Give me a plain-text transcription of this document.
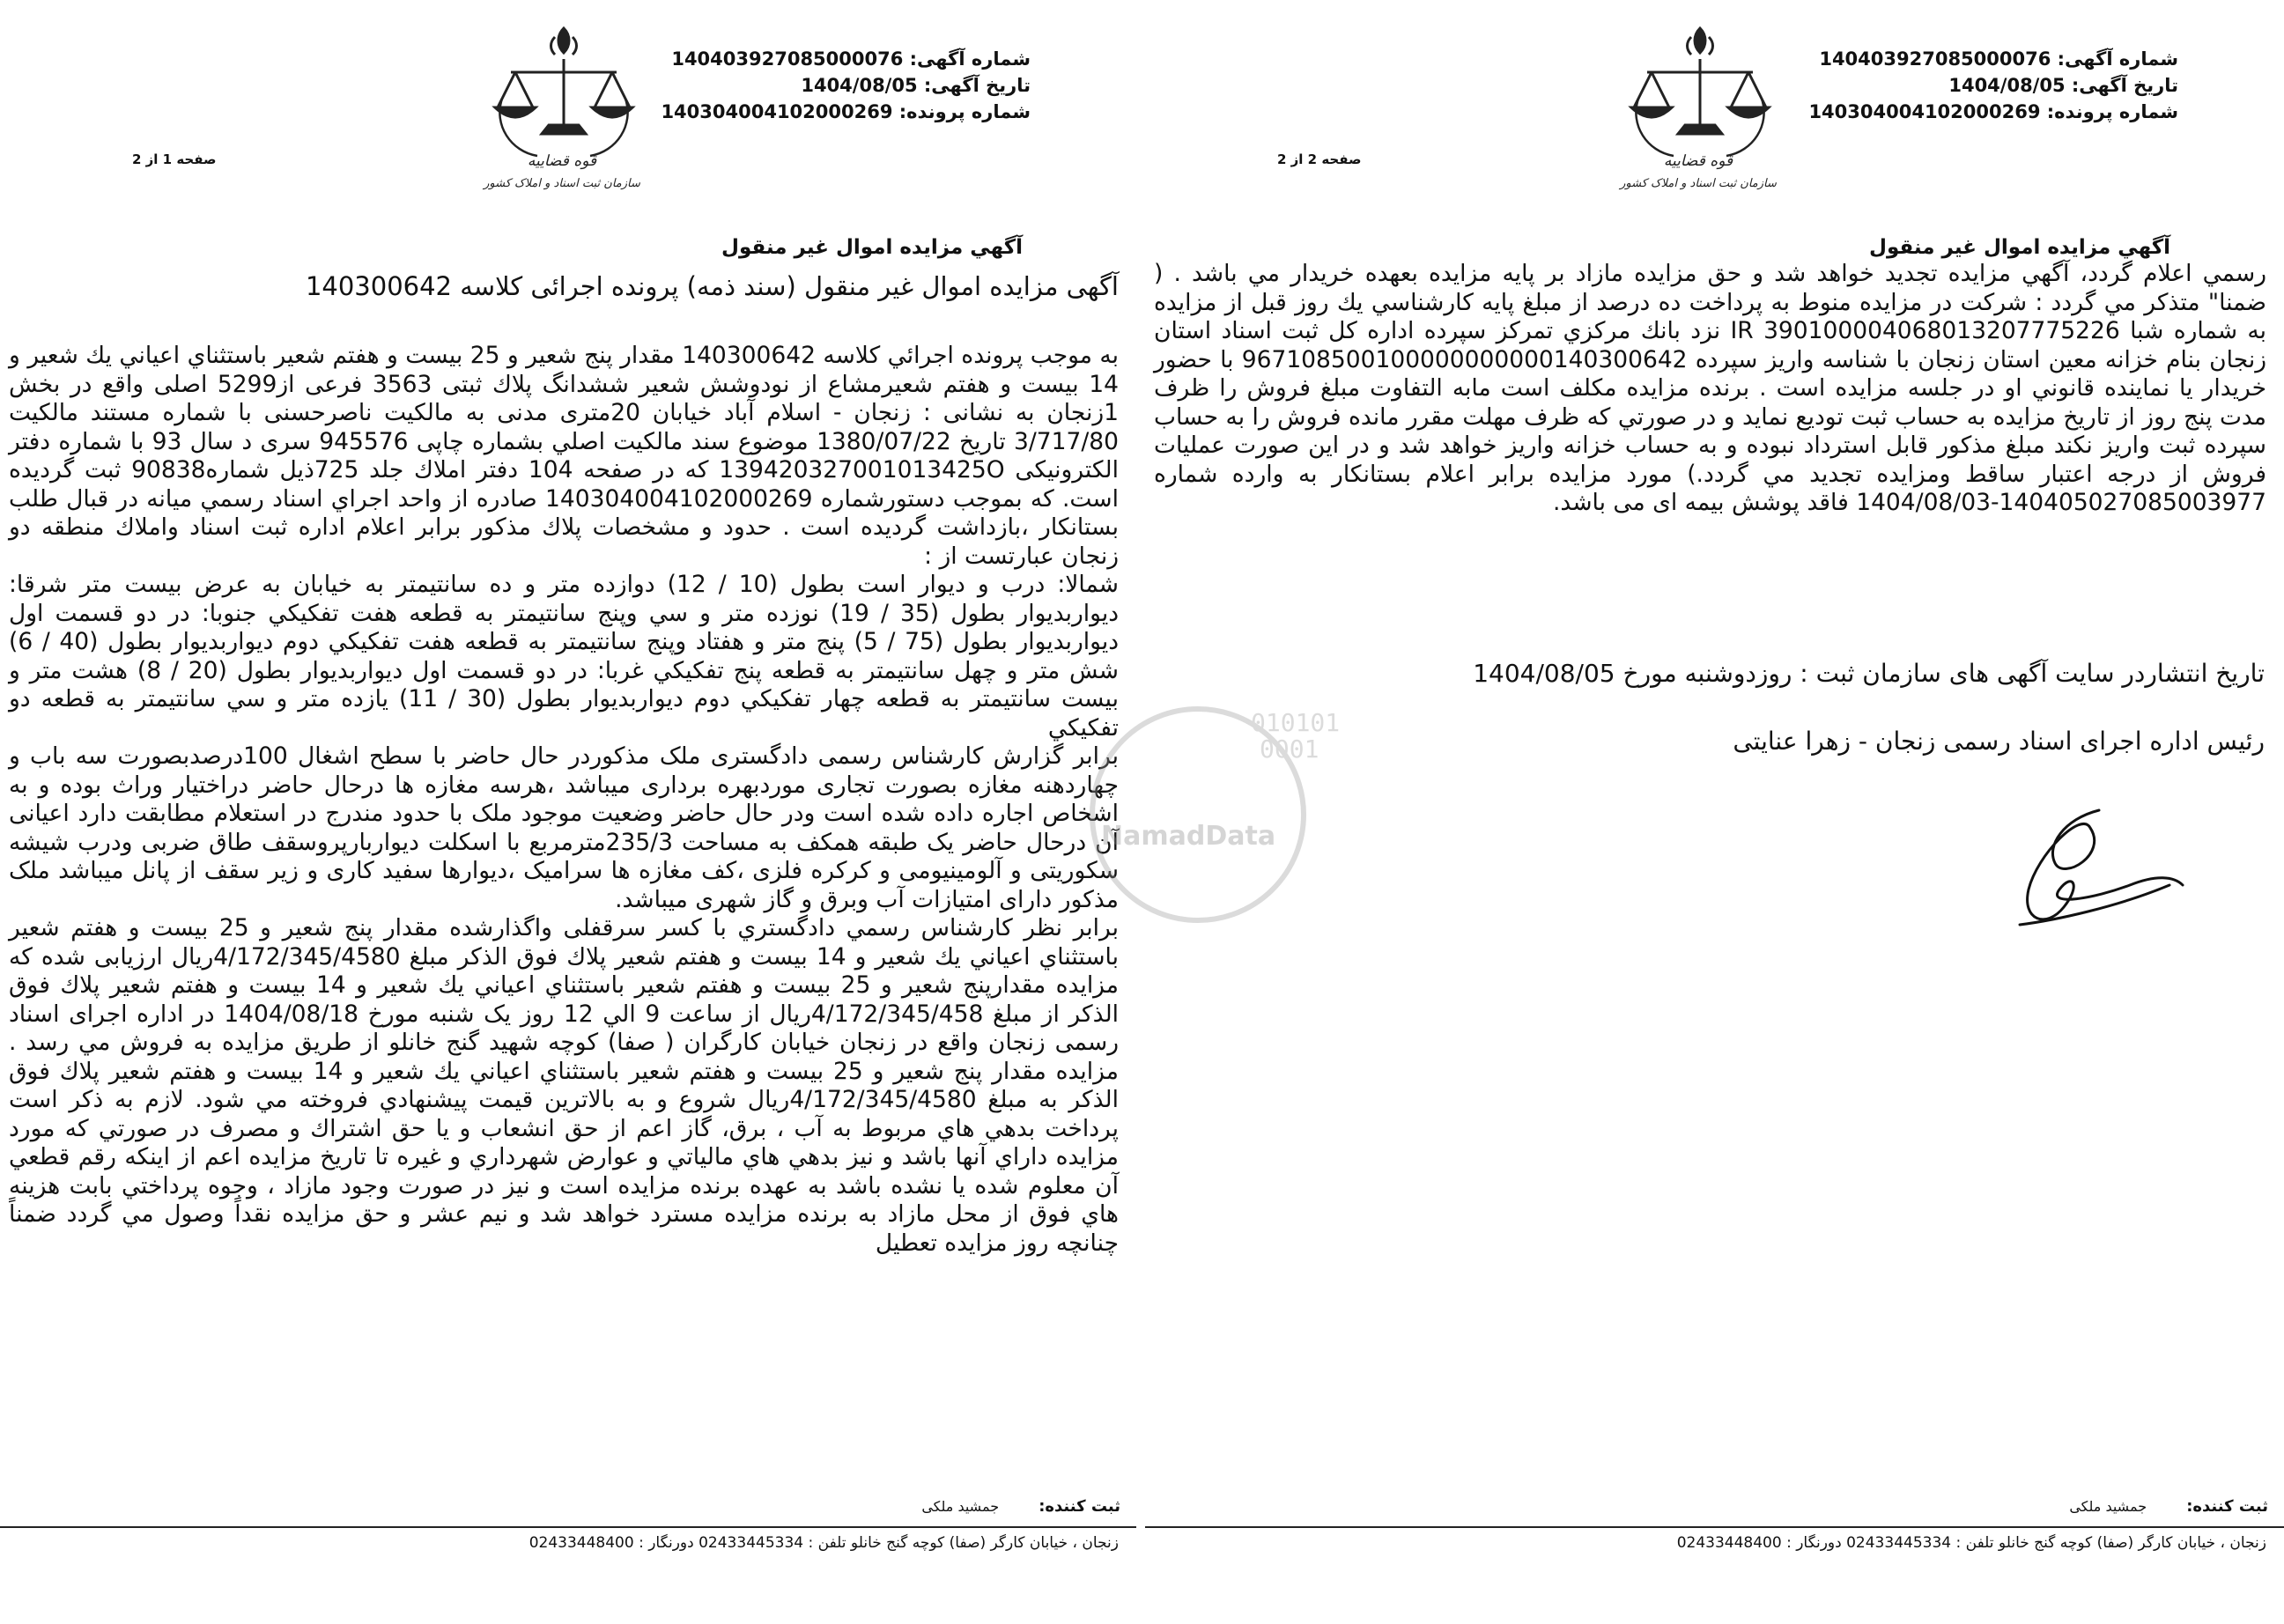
شماره آگهی: 140403927085000076
تاریخ آگهی: 1404/08/05
شماره پرونده: 140304004102000269
قوه قضاییه
سازمان ثبت اسناد و املاک کشور
صفحه 1 از 2
آگهي مزايده اموال غير منقول
آگهی مزایده اموال غیر منقول (سند ذمه) پرونده اجرائی کلاسه 140300642

به موجب پرونده اجرائي كلاسه 140300642 مقدار پنج شعير و 25 بيست و هفتم شعير باستثناي اعياني يك شعير و 14 بيست و هفتم شعيرمشاع از نودوشش شعير ششدانگ پلاك ثبتی 3563 فرعی از5299 اصلی واقع در بخش 1زنجان به نشانی : زنجان - اسلام آباد خیابان 20متری مدنی به مالكيت ناصرحسنی با شماره مستند مالكيت 3/717/80 تاريخ 1380/07/22 موضوع سند مالكيت اصلي بشماره چاپی 945576 سری د سال 93 با شماره دفتر الکترونیکی 139420327001013425O که در صفحه 104 دفتر املاك جلد 725ذيل شماره90838 ثبت گرديده است. كه بموجب دستورشماره 140304004102000269 صادره از واحد اجراي اسناد رسمي ميانه در قبال طلب بستانكار ،بازداشت گرديده است . حدود و مشخصات پلاك مذكور برابر اعلام اداره ثبت اسناد واملاك منطقه دو زنجان عبارتست از :

شمالا: درب و ديوار است بطول (10 / 12) دوازده متر و ده سانتيمتر به خيابان به عرض بيست متر شرقا: ديواربديوار بطول (35 / 19) نوزده متر و سي وپنج سانتيمتر به قطعه هفت تفكيكي جنوبا: در دو قسمت اول ديواربديوار بطول (75 / 5) پنج متر و هفتاد وپنج سانتيمتر به قطعه هفت تفكيكي دوم ديواربديوار بطول (40 / 6) شش متر و چهل سانتيمتر به قطعه پنج تفكيكي غربا: در دو قسمت اول ديواربديوار بطول (20 / 8) هشت متر و بيست سانتيمتر به قطعه چهار تفكيكي دوم ديواربديوار بطول (30 / 11) يازده متر و سي سانتيمتر به قطعه دو تفكيكي

برابر گزارش كارشناس رسمی دادگستری ملک مذکوردر حال حاضر با سطح اشغال 100درصدبصورت سه باب و چهاردهنه مغازه بصورت تجاری موردبهره برداری میباشد ،هرسه مغازه ها درحال حاضر دراختیار وراث بوده و به اشخاص اجاره داده شده است ودر حال حاضر وضعیت موجود ملک با حدود مندرج در استعلام مطابقت دارد اعیانی آن درحال حاضر یک طبقه همکف به مساحت 235/3مترمربع با اسکلت دیواربارپروسقف طاق ضربی ودرب شیشه سکوریتی و آلومینیومی و کرکره فلزی ،کف مغازه ها سرامیک ،دیوارها سفید کاری و زیر سقف از پانل میباشد ملک مذکور دارای امتیازات آب وبرق و گاز شهری میباشد.

برابر نظر كارشناس رسمي دادگستري با كسر سرقفلی واگذارشده مقدار پنج شعير و 25 بيست و هفتم شعير باستثناي اعياني يك شعير و 14 بيست و هفتم شعير پلاك فوق الذكر مبلغ 4/172/345/4580ریال ارزيابی شده كه مزايده مقدارپنج شعير و 25 بيست و هفتم شعير باستثناي اعياني يك شعير و 14 بيست و هفتم شعير پلاك فوق الذكر از مبلغ 4/172/345/458ریال از ساعت 9 الي 12 روز یک شنبه مورخ 1404/08/18 در اداره اجرای اسناد رسمی زنجان واقع در زنجان خیابان کارگران ( صفا) کوچه شهید گنج خانلو از طريق مزايده به فروش مي رسد . مزايده مقدار پنج شعير و 25 بيست و هفتم شعير باستثناي اعياني يك شعير و 14 بيست و هفتم شعير پلاك فوق الذكر به مبلغ 4/172/345/4580ریال شروع و به بالاترين قيمت پيشنهادي فروخته مي شود. لازم به ذكر است پرداخت بدهي هاي مربوط به آب ، برق، گاز اعم از حق انشعاب و يا حق اشتراك و مصرف در صورتي كه مورد مزايده داراي آنها باشد و نيز بدهي هاي مالياتي و عوارض شهرداري و غيره تا تاريخ مزايده اعم از اينكه رقم قطعي آن معلوم شده يا نشده باشد به عهده برنده مزايده است و نيز در صورت وجود مازاد ، وجوه پرداختي بابت هزينه هاي فوق از محل مازاد به برنده مزايده مسترد خواهد شد و نيم عشر و حق مزايده نقداً وصول مي گردد ضمناً چنانچه روز مزايده تعطيل

ثبت كننده: جمشید ملکی
زنجان ، خیابان کارگر (صفا) کوچه گنج خانلو تلفن : 02433445334 دورنگار : 02433448400
شماره آگهی: 140403927085000076
تاریخ آگهی: 1404/08/05
شماره پرونده: 140304004102000269
قوه قضاییه
سازمان ثبت اسناد و املاک کشور
صفحه 2 از 2
آگهي مزايده اموال غير منقول

رسمي اعلام گردد، آگهي مزايده تجديد خواهد شد و حق مزايده مازاد بر پايه مزايده بعهده خريدار مي باشد . ( ضمنا" متذكر مي گردد : شركت در مزايده منوط به پرداخت ده درصد از مبلغ پايه كارشناسي يك روز قبل از مزايده به شماره شبا IR 390100004068013207775226 نزد بانك مركزي تمركز سپرده اداره كل ثبت اسناد استان زنجان بنام خزانه معين استان زنجان با شناسه واريز سپرده 967108500100000000000140300642 با حضور خريدار يا نماينده قانوني او در جلسه مزايده است . برنده مزايده مكلف است مابه التفاوت مبلغ فروش را ظرف مدت پنج روز از تاريخ مزايده به حساب ثبت توديع نمايد و در صورتي كه ظرف مهلت مقرر مانده فروش را به حساب سپرده ثبت واريز نكند مبلغ مذكور قابل استرداد نبوده و به حساب خزانه واريز خواهد شد و در اين صورت عمليات فروش از درجه اعتبار ساقط ومزايده تجديد مي گردد.) مورد مزايده برابر اعلام بستانكار به وارده شماره 140405027085003977-1404/08/03 فاقد پوشش بیمه ای می باشد.

تاریخ انتشاردر سایت آگهی های سازمان ثبت : روزدوشنبه مورخ 1404/08/05
رئیس اداره اجرای اسناد رسمی زنجان - زهرا عنایتی
ثبت كننده: جمشید ملکی
زنجان ، خیابان کارگر (صفا) کوچه گنج خانلو تلفن : 02433445334 دورنگار : 02433448400
010101
0001
NamadData
